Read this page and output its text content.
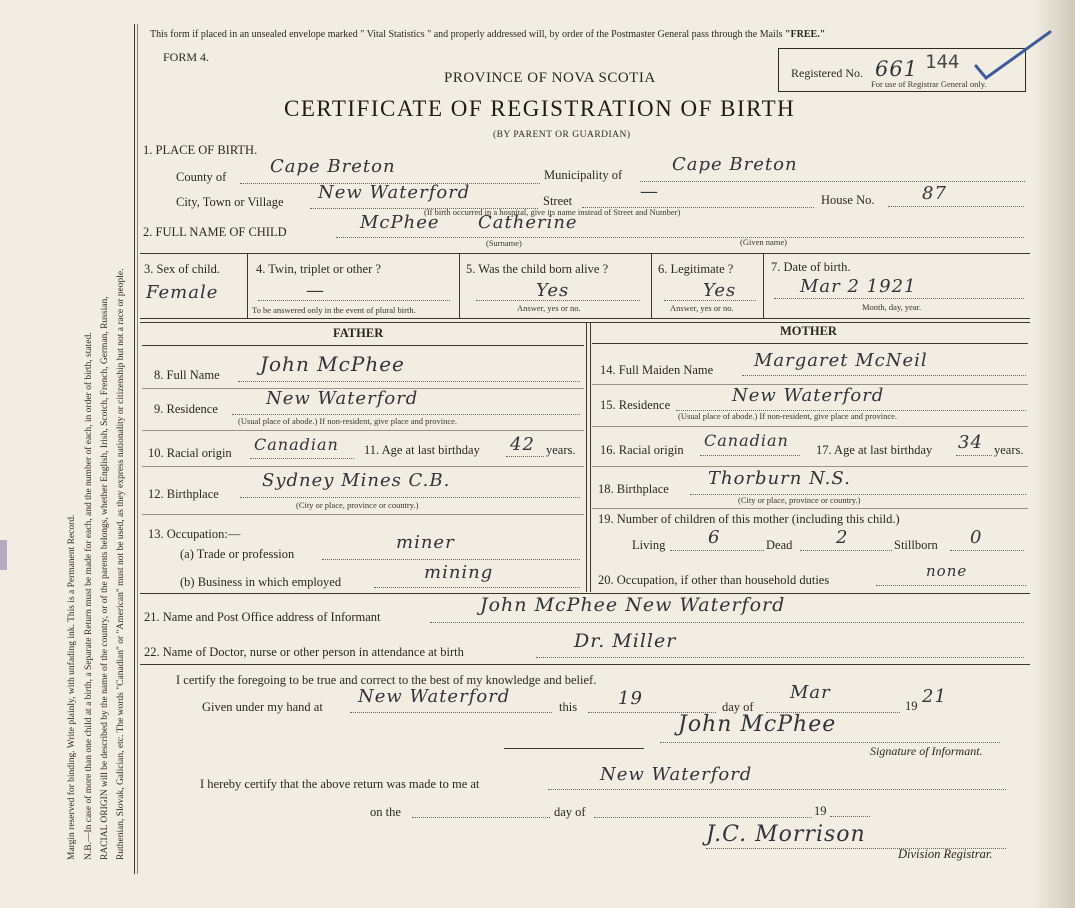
Margin reserved for binding. Write plainly, with unfading ink. This is a Permanent Record. N.B.—In case of more than one child at a birth, a Separate Return must be made for each, and the number of each, in order of birth, stated. RACIAL ORIGIN will be described by the name of the country, or of the parents belongs, whether English, Irish, Scotch, French, German, Russian, Ruthenian, Slovak, Galician, etc. The words "Canadian" or "American" must not be used, as they express nationality or citizenship but not a race or people.
This form if placed in an unsealed envelope marked " Vital Statistics " and properly addressed will, by order of the Postmaster General pass through the Mails "FREE."
FORM 4.
PROVINCE OF NOVA SCOTIA
CERTIFICATE OF REGISTRATION OF BIRTH
(BY PARENT OR GUARDIAN)
Registered No. 661 144
For use of Registrar General only.
1. PLACE OF BIRTH.
County of Cape Breton	Municipality of	Cape Breton
City, Town or Village New Waterford	Street	—	House No.	87
(If birth occurred in a hospital, give its name instead of Street and Number)
2. FULL NAME OF CHILD	McPhee Catherine
(Surname)	(Given name)
3. Sex of child.
Female
4. Twin, triplet or other ?
—
To be answered only in the event of plural birth.
5. Was the child born alive ?
Yes
Answer, yes or no.
6. Legitimate ?
Yes
Answer, yes or no.
7. Date of birth.
Mar 2 1921
Month, day, year.
FATHER	MOTHER
8. Full Name John McPhee
9. Residence	New Waterford
(Usual place of abode.) If non-resident, give place and province.
10. Racial origin Canadian 11. Age at last birthday 42 years.
12. Birthplace
Sydney Mines C.B.
(City or place, province or country.)
13. Occupation:—
(a) Trade or profession
miner
(b) Business in which employed	mining
14. Full Maiden Name Margaret McNeil
15. Residence	New Waterford
(Usual place of abode.) If non-resident, give place and province.
16. Racial origin Canadian 17. Age at last birthday 34 years.
18. Birthplace Thorburn N.S.
(City or place, province or country.)
19. Number of children of this mother (including this child.)
Living 6	Dead 2	Stillborn 0
20. Occupation, if other than household duties	none
21. Name and Post Office address of Informant
John McPhee New Waterford
22. Name of Doctor, nurse or other person in attendance at birth	Dr. Miller
I certify the foregoing to be true and correct to the best of my knowledge and belief.
Given under my hand at New Waterford	this 19	day of
Mar
19 21
John McPhee
Signature of Informant.
I hereby certify that the above return was made to me at	New Waterford
on the	day of	19
J.C. Morrison
Division Registrar.
